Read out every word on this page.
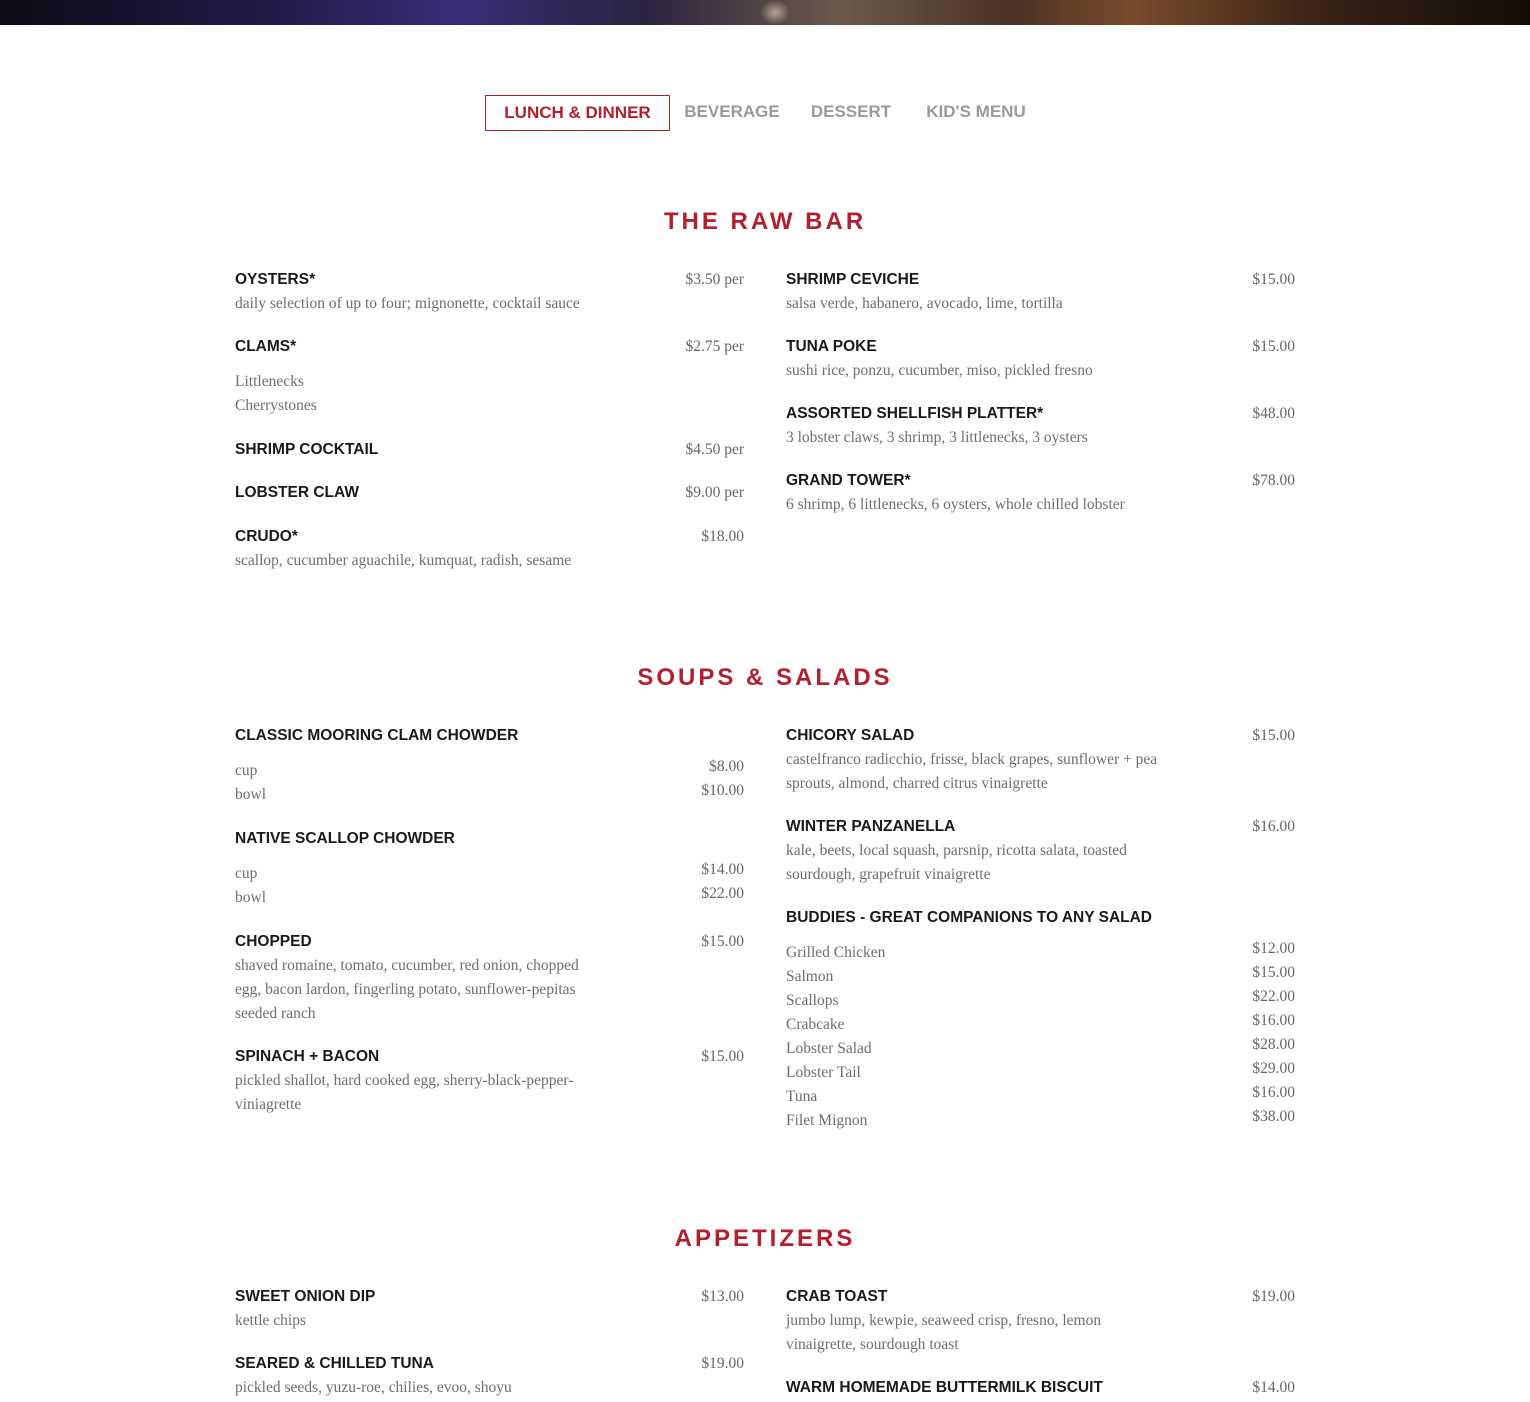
LUNCH & DINNER	BEVERAGE DESSERT	KID'S MENU
THE RAW BAR
OYSTERS*	$3.50 per
daily selection of up to four; mignonette, cocktail sauce
CLAMS*	$2.75 per
Littlenecks
Cherrystones
SHRIMP COCKTAIL	$4.50 per
LOBSTER CLAW	$9.00 per
CRUDO*	$18.00
scallop, cucumber aguachile, kumquat, radish, sesame
SHRIMP CEVICHE	$15.00
salsa verde, habanero, avocado, lime, tortilla
TUNA POKE	$15.00
sushi rice, ponzu, cucumber, miso, pickled fresno
ASSORTED SHELLFISH PLATTER*	$48.00
3 lobster claws, 3 shrimp, 3 littlenecks, 3 oysters
GRAND TOWER*	$78.00
6 shrimp, 6 littlenecks, 6 oysters, whole chilled lobster
SOUPS & SALADS
CLASSIC MOORING CLAM CHOWDER
cup	$8.00
bowl	$10.00
NATIVE SCALLOP CHOWDER
cup	$14.00
bowl	$22.00
CHOPPED	$15.00
shaved romaine, tomato, cucumber, red onion, chopped egg, bacon lardon, fingerling potato, sunflower-pepitas seeded ranch
SPINACH + BACON	$15.00
pickled shallot, hard cooked egg, sherry-black-pepper-viniagrette
CHICORY SALAD	$15.00
castelfranco radicchio, frisse, black grapes, sunflower + pea sprouts, almond, charred citrus vinaigrette
WINTER PANZANELLA	$16.00
kale, beets, local squash, parsnip, ricotta salata, toasted sourdough, grapefruit vinaigrette
BUDDIES - GREAT COMPANIONS TO ANY SALAD
Grilled Chicken	$12.00
Salmon	$15.00
Scallops	$22.00
Crabcake	$16.00
Lobster Salad	$28.00
Lobster Tail	$29.00
Tuna	$16.00
Filet Mignon	$38.00
APPETIZERS
SWEET ONION DIP	$13.00
kettle chips
SEARED & CHILLED TUNA	$19.00
pickled seeds, yuzu-roe, chilies, evoo, shoyu
CRAB TOAST	$19.00
jumbo lump, kewpie, seaweed crisp, fresno, lemon vinaigrette, sourdough toast
WARM HOMEMADE BUTTERMILK BISCUIT	$14.00
